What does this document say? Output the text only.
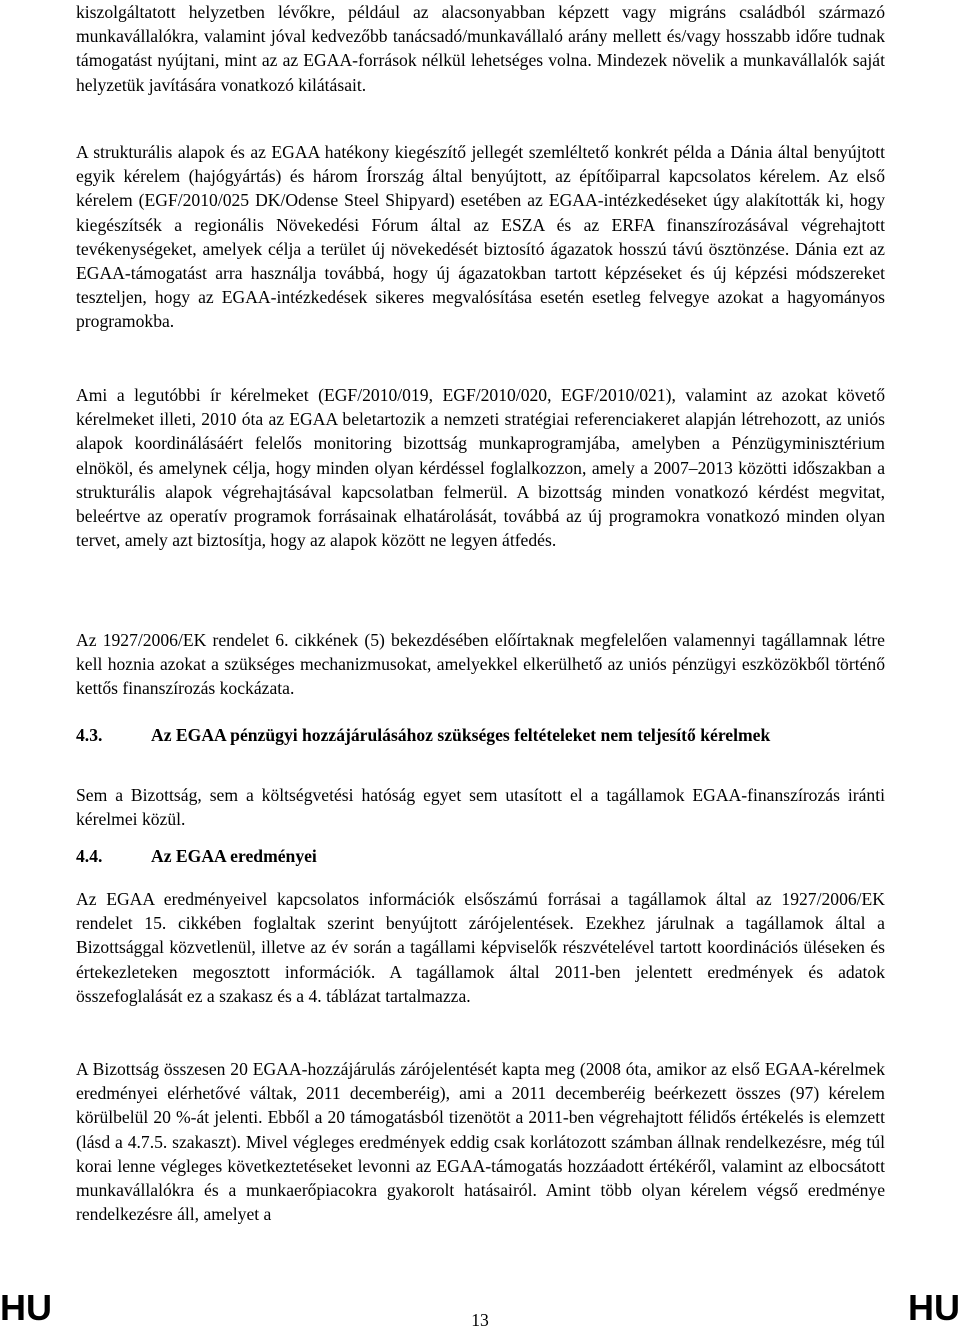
kiszolgáltatott helyzetben lévőkre, például az alacsonyabban képzett vagy migráns családból származó munkavállalókra, valamint jóval kedvezőbb tanácsadó/munkavállaló arány mellett és/vagy hosszabb időre tudnak támogatást nyújtani, mint az az EGAA-források nélkül lehetséges volna. Mindezek növelik a munkavállalók saját helyzetük javítására vonatkozó kilátásait.

A strukturális alapok és az EGAA hatékony kiegészítő jellegét szemléltető konkrét példa a Dánia által benyújtott egyik kérelem (hajógyártás) és három Írország által benyújtott, az építőiparral kapcsolatos kérelem. Az első kérelem (EGF/2010/025 DK/Odense Steel Shipyard) esetében az EGAA-intézkedéseket úgy alakították ki, hogy kiegészítsék a regionális Növekedési Fórum által az ESZA és az ERFA finanszírozásával végrehajtott tevékenységeket, amelyek célja a terület új növekedését biztosító ágazatok hosszú távú ösztönzése. Dánia ezt az EGAA-támogatást arra használja továbbá, hogy új ágazatokban tartott képzéseket és új képzési módszereket teszteljen, hogy az EGAA-intézkedések sikeres megvalósítása esetén esetleg felvegye azokat a hagyományos programokba.

Ami a legutóbbi ír kérelmeket (EGF/2010/019, EGF/2010/020, EGF/2010/021), valamint az azokat követő kérelmeket illeti, 2010 óta az EGAA beletartozik a nemzeti stratégiai referenciakeret alapján létrehozott, az uniós alapok koordinálásáért felelős monitoring bizottság munkaprogramjába, amelyben a Pénzügyminisztérium elnököl, és amelynek célja, hogy minden olyan kérdéssel foglalkozzon, amely a 2007–2013 közötti időszakban a strukturális alapok végrehajtásával kapcsolatban felmerül. A bizottság minden vonatkozó kérdést megvitat, beleértve az operatív programok forrásainak elhatárolását, továbbá az új programokra vonatkozó minden olyan tervet, amely azt biztosítja, hogy az alapok között ne legyen átfedés.

Az 1927/2006/EK rendelet 6. cikkének (5) bekezdésében előírtaknak megfelelően valamennyi tagállamnak létre kell hoznia azokat a szükséges mechanizmusokat, amelyekkel elkerülhető az uniós pénzügyi eszközökből történő kettős finanszírozás kockázata.

4.3.	Az EGAA pénzügyi hozzájárulásához szükséges feltételeket nem teljesítő kérelmek

Sem a Bizottság, sem a költségvetési hatóság egyet sem utasított el a tagállamok EGAA-finanszírozás iránti kérelmei közül.

4.4.	Az EGAA eredményei

Az EGAA eredményeivel kapcsolatos információk elsőszámú forrásai a tagállamok által az 1927/2006/EK rendelet 15. cikkében foglaltak szerint benyújtott zárójelentések. Ezekhez járulnak a tagállamok által a Bizottsággal közvetlenül, illetve az év során a tagállami képviselők részvételével tartott koordinációs üléseken és értekezleteken megosztott információk. A tagállamok által 2011-ben jelentett eredmények és adatok összefoglalását ez a szakasz és a 4. táblázat tartalmazza.

A Bizottság összesen 20 EGAA-hozzájárulás zárójelentését kapta meg (2008 óta, amikor az első EGAA-kérelmek eredményei elérhetővé váltak, 2011 decemberéig), ami a 2011 decemberéig beérkezett összes (97) kérelem körülbelül 20 %-át jelenti. Ebből a 20 támogatásból tizenötöt a 2011-ben végrehajtott félidős értékelés is elemzett (lásd a 4.7.5. szakaszt). Mivel végleges eredmények eddig csak korlátozott számban állnak rendelkezésre, még túl korai lenne végleges következtetéseket levonni az EGAA-támogatás hozzáadott értékéről, valamint az elbocsátott munkavállalókra és a munkaerőpiacokra gyakorolt hatásairól. Amint több olyan kérelem végső eredménye rendelkezésre áll, amelyet a

HU	13	HU
